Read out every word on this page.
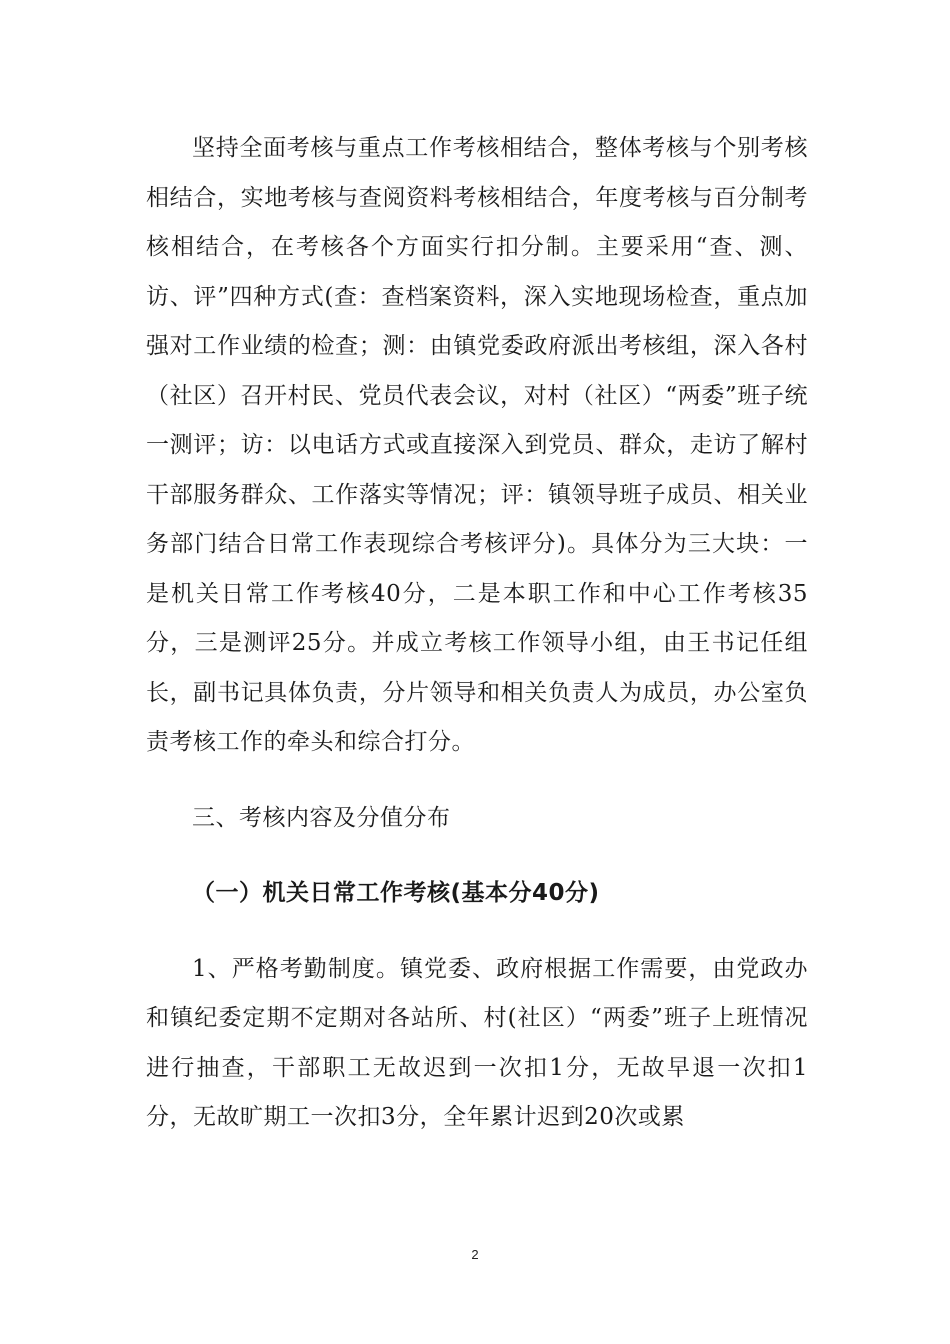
坚持全面考核与重点工作考核相结合，整体考核与个别考核相结合，实地考核与查阅资料考核相结合，年度考核与百分制考核相结合，在考核各个方面实行扣分制。主要采用“查、测、访、评”四种方式(查：查档案资料，深入实地现场检查，重点加强对工作业绩的检查；测：由镇党委政府派出考核组，深入各村（社区）召开村民、党员代表会议，对村（社区）“两委”班子统一测评；访：以电话方式或直接深入到党员、群众，走访了解村干部服务群众、工作落实等情况；评：镇领导班子成员、相关业务部门结合日常工作表现综合考核评分)。具体分为三大块：一是机关日常工作考核40分，二是本职工作和中心工作考核35分，三是测评25分。并成立考核工作领导小组，由王书记任组长，副书记具体负责，分片领导和相关负责人为成员，办公室负责考核工作的牵头和综合打分。

三、考核内容及分值分布

（一）机关日常工作考核(基本分40分)

1、严格考勤制度。镇党委、政府根据工作需要，由党政办和镇纪委定期不定期对各站所、村(社区）“两委”班子上班情况进行抽查，干部职工无故迟到一次扣1分，无故早退一次扣1分，无故旷期工一次扣3分，全年累计迟到20次或累

2
